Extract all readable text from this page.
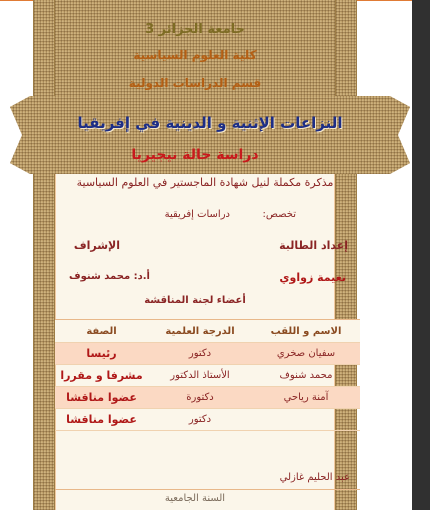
جامعة الجزائر 3
كلية العلوم السياسية
قسم الدراسات الدولية
النزاعات الإثنية و الدينية في إفريقيا
دراسة حالة نيجيريا
مذكرة مكملة لنيل شهادة الماجستير في العلوم السياسية
تخصص:
دراسات إفريقية
إعداد الطالبة
الإشراف
نعيمة زواوي
أ.د: محمد شنوف
أعضاء لجنة المناقشة
الاسم و اللقب
الدرجة العلمية
الصفة
سفيان صخري
دكتور
رئيسا
محمد شنوف
الأستاذ الدكتور
مشرفا و مقررا
آمنة رياحي
دكتورة
عضوا مناقشا
دكتور
عضوا مناقشا
عبد الحليم غازلي
السنة الجامعية
